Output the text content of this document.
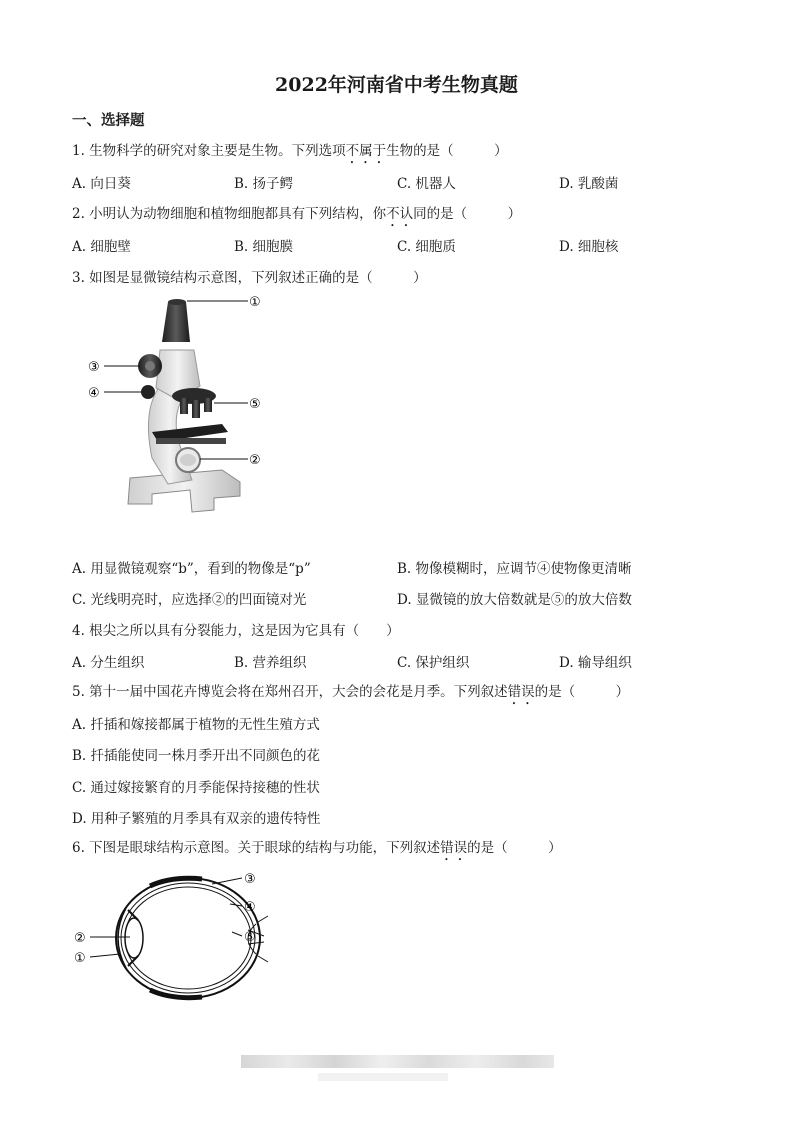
2022年河南省中考生物真题
一、选择题
1. 生物科学的研究对象主要是生物。下列选项不属于生物的是（　　　）
A. 向日葵	B. 扬子鳄	C. 机器人	D. 乳酸菌
2. 小明认为动物细胞和植物细胞都具有下列结构，你不认同的是（　　　）
A. 细胞壁	B. 细胞膜	C. 细胞质	D. 细胞核
3. 如图是显微镜结构示意图，下列叙述正确的是（　　　）
①
②
③
④
⑤
A. 用显微镜观察“b”，看到的物像是“p”	B. 物像模糊时，应调节④使物像更清晰
C. 光线明亮时，应选择②的凹面镜对光	D. 显微镜的放大倍数就是⑤的放大倍数
4. 根尖之所以具有分裂能力，这是因为它具有（　　）
A. 分生组织	B. 营养组织	C. 保护组织	D. 输导组织
5. 第十一届中国花卉博览会将在郑州召开，大会的会花是月季。下列叙述错误的是（　　　）
A. 扦插和嫁接都属于植物的无性生殖方式
B. 扦插能使同一株月季开出不同颜色的花
C. 通过嫁接繁育的月季能保持接穗的性状
D. 用种子繁殖的月季具有双亲的遗传特性
6. 下图是眼球结构示意图。关于眼球的结构与功能，下列叙述错误的是（　　　）
③
④
⑤
②
①
